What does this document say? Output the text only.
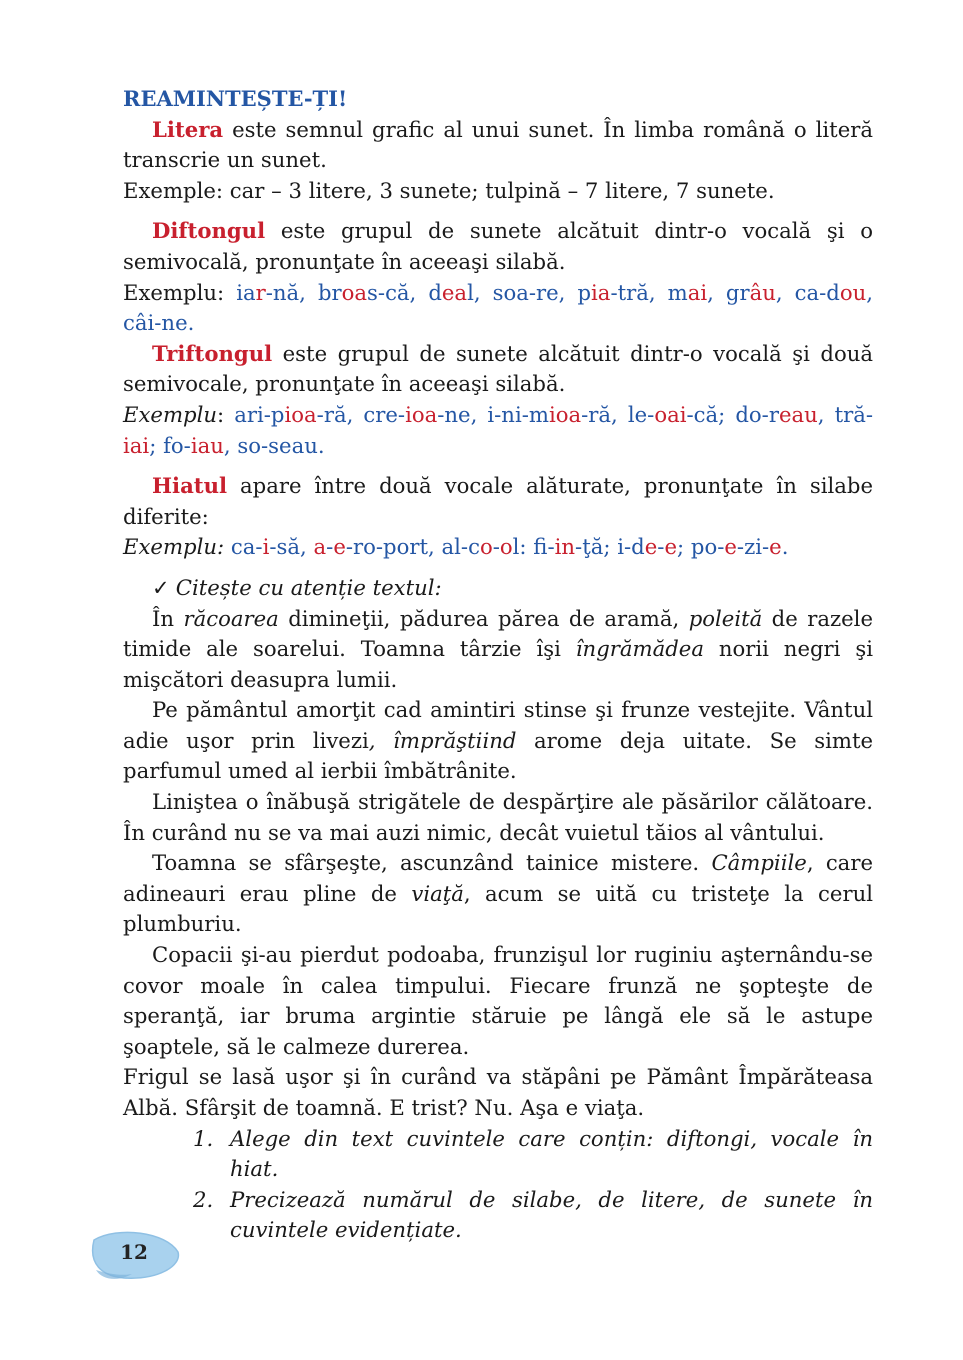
REAMINTEȘTE-ȚI!

Litera este semnul grafic al unui sunet. În limba română o literă transcrie un sunet.

Exemple: car – 3 litere, 3 sunete; tulpină – 7 litere, 7 sunete.

Diftongul este grupul de sunete alcătuit dintr-o vocală şi o semivocală, pronunţate în aceeaşi silabă.

Exemplu: iar-nă, broas-că, deal, soa-re, pia-tră, mai, grâu, ca-dou, câi-ne.

Triftongul este grupul de sunete alcătuit dintr-o vocală şi două semivocale, pronunţate în aceeaşi silabă.

Exemplu: ari-pioa-ră, cre-ioa-ne, i-ni-mioa-ră, le-oai-că; do-reau, tră-iai; fo-iau, so-seau.

Hiatul apare între două vocale alăturate, pronunţate în silabe diferite:

Exemplu: ca-i-să, a-e-ro-port, al-co-ol: f-in-ţă; i-de-e; po-e-zi-e.

✓ Citește cu atenție textul:

În răcoarea dimineţii, pădurea părea de aramă, poleită de razele timide ale soarelui. Toamna târzie îşi îngrămădea norii negri şi mişcători deasupra lumii.

Pe pământul amorţit cad amintiri stinse şi frunze vestejite. Vântul adie uşor prin livezi, împrăştiind arome deja uitate. Se simte parfumul umed al ierbii îmbătrânite.

Liniştea o înăbuşă strigătele de despărţire ale păsărilor călătoare. În curând nu se va mai auzi nimic, decât vuietul tăios al vântului.

Toamna se sfârşeşte, ascunzând tainice mistere. Câmpiile, care adineauri erau pline de viaţă, acum se uită cu tristeţe la cerul plumburiu.

Copacii şi-au pierdut podoaba, frunzişul lor ruginiu aşternându-se covor moale în calea timpului. Fiecare frunză ne şopteşte de speranţă, iar bruma argintie stăruie pe lângă ele să le astupe şoaptele, să le calmeze durerea.

Frigul se lasă uşor şi în curând va stăpâni pe Pământ Împărăteasa Albă. Sfârşit de toamnă. E trist? Nu. Aşa e viaţa.

1. Alege din text cuvintele care conțin: diftongi, vocale în hiat.
2. Precizează numărul de silabe, de litere, de sunete în cuvintele evidențiate.
12
